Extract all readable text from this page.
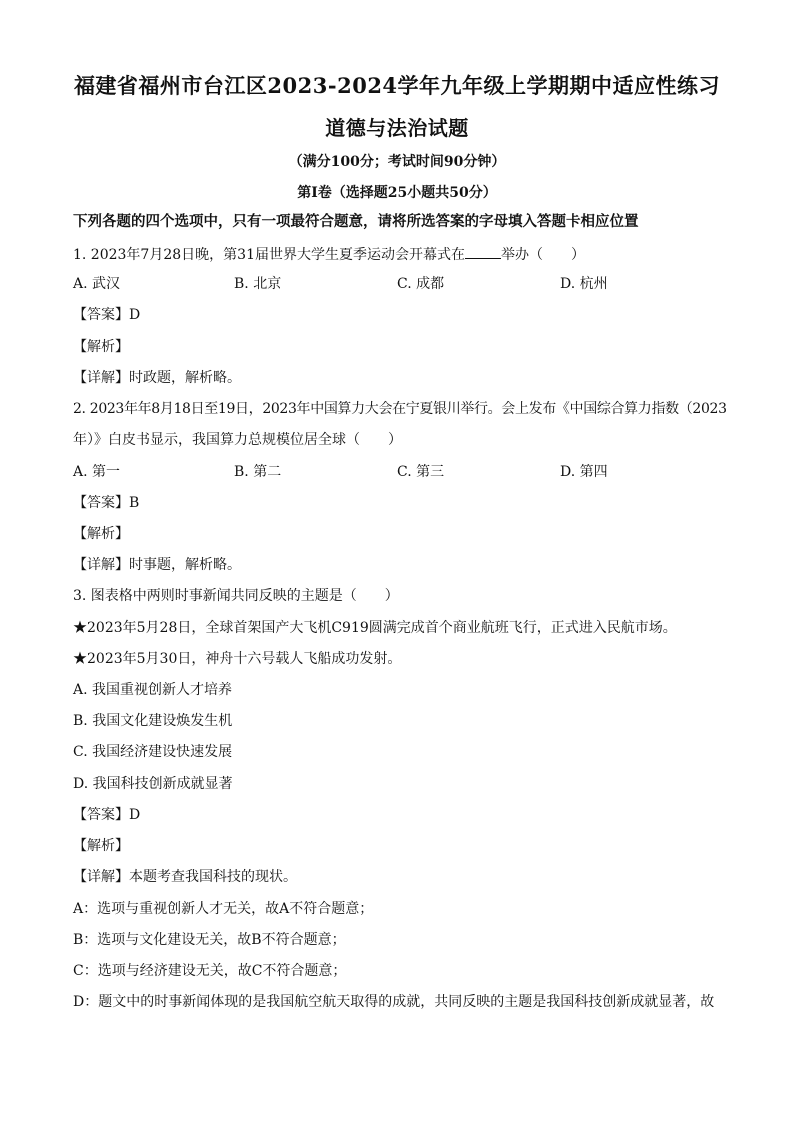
福建省福州市台江区2023-2024学年九年级上学期期中适应性练习
道德与法治试题
（满分100分；考试时间90分钟）
第Ⅰ卷（选择题25小题共50分）
下列各题的四个选项中，只有一项最符合题意，请将所选答案的字母填入答题卡相应位置
1. 2023年7月28日晚，第31届世界大学生夏季运动会开幕式在	举办（　　）
A. 武汉	B. 北京	C. 成都	D. 杭州
【答案】D
【解析】
【详解】时政题，解析略。
2. 2023年年8月18日至19日，2023年中国算力大会在宁夏银川举行。会上发布《中国综合算力指数（2023
年）》白皮书显示，我国算力总规模位居全球（　　）
A. 第一	B. 第二	C. 第三	D. 第四
【答案】B
【解析】
【详解】时事题，解析略。
3. 图表格中两则时事新闻共同反映的主题是（　　）
★2023年5月28日，全球首架国产大飞机C919圆满完成首个商业航班飞行，正式进入民航市场。
★2023年5月30日，神舟十六号载人飞船成功发射。
A. 我国重视创新人才培养
B. 我国文化建设焕发生机
C. 我国经济建设快速发展
D. 我国科技创新成就显著
【答案】D
【解析】
【详解】本题考查我国科技的现状。
A：选项与重视创新人才无关，故A不符合题意；
B：选项与文化建设无关，故B不符合题意；
C：选项与经济建设无关，故C不符合题意；
D：题文中的时事新闻体现的是我国航空航天取得的成就，共同反映的主题是我国科技创新成就显著，故
